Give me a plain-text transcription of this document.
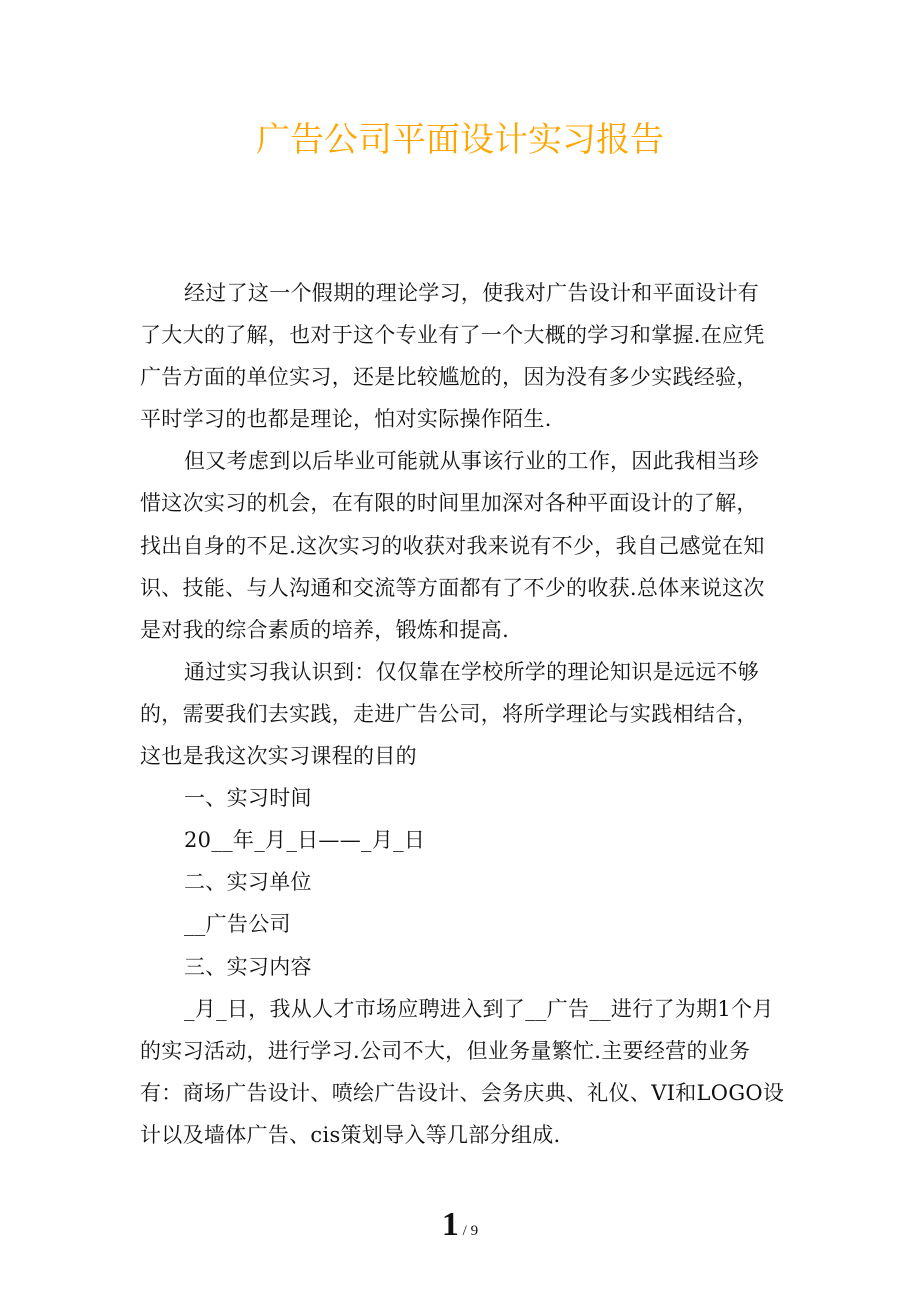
广告公司平面设计实习报告
经过了这一个假期的理论学习，使我对广告设计和平面设计有
了大大的了解，也对于这个专业有了一个大概的学习和掌握.在应凭
广告方面的单位实习，还是比较尴尬的，因为没有多少实践经验，
平时学习的也都是理论，怕对实际操作陌生.
但又考虑到以后毕业可能就从事该行业的工作，因此我相当珍
惜这次实习的机会，在有限的时间里加深对各种平面设计的了解，
找出自身的不足.这次实习的收获对我来说有不少，我自己感觉在知
识、技能、与人沟通和交流等方面都有了不少的收获.总体来说这次
是对我的综合素质的培养，锻炼和提高.
通过实习我认识到：仅仅靠在学校所学的理论知识是远远不够
的，需要我们去实践，走进广告公司，将所学理论与实践相结合，
这也是我这次实习课程的目的
一、实习时间
20__年_月_日——_月_日
二、实习单位
__广告公司
三、实习内容
_月_日，我从人才市场应聘进入到了__广告__进行了为期1个月
的实习活动，进行学习.公司不大，但业务量繁忙.主要经营的业务
有：商场广告设计、喷绘广告设计、会务庆典、礼仪、VI和LOGO设
计以及墙体广告、cis策划导入等几部分组成.
1 / 9
